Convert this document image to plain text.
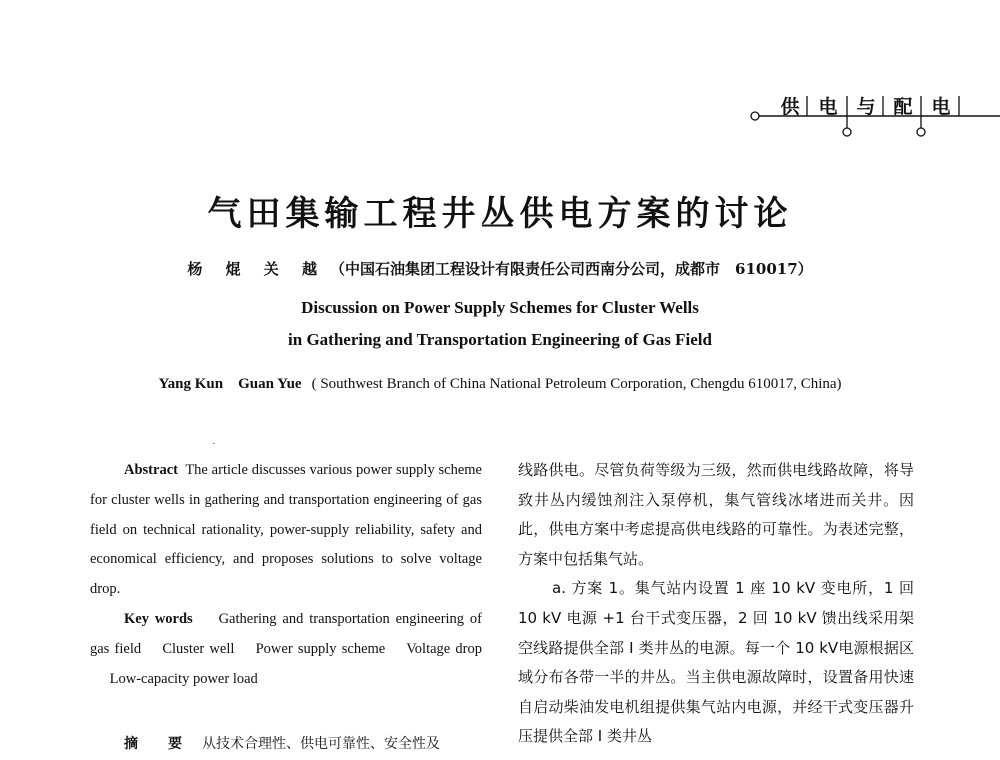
供 电 与 配 电
气田集输工程井丛供电方案的讨论
杨 焜 关 越 （中国石油集团工程设计有限责任公司西南分公司，成都市　610017）
Discussion on Power Supply Schemes for Cluster Wells
in Gathering and Transportation Engineering of Gas Field
Yang Kun　Guan Yue ( Southwest Branch of China National Petroleum Corporation, Chengdu 610017, China)

Abstract The article discusses various power supply scheme for cluster wells in gathering and transportation engineering of gas field on technical rationality, power-supply reliability, safety and economical efficiency, and proposes solutions to solve voltage drop.

Key words Gathering and transportation engineering of gas field Cluster well Power supply scheme Voltage drop Low-capacity power load

摘　要 从技术合理性、供电可靠性、安全性及

线路供电。尽管负荷等级为三级，然而供电线路故障，将导致井丛内缓蚀剂注入泵停机，集气管线冰堵进而关井。因此，供电方案中考虑提高供电线路的可靠性。为表述完整，方案中包括集气站。

a. 方案 1。集气站内设置 1 座 10 kV 变电所，1 回10 kV 电源 +1 台干式变压器，2 回 10 kV 馈出线采用架空线路提供全部 Ⅰ 类井丛的电源。每一个 10 kV电源根据区域分布各带一半的井丛。当主供电源故障时，设置备用快速自启动柴油发电机组提供集气站内电源，并经干式变压器升压提供全部 Ⅰ 类井丛
